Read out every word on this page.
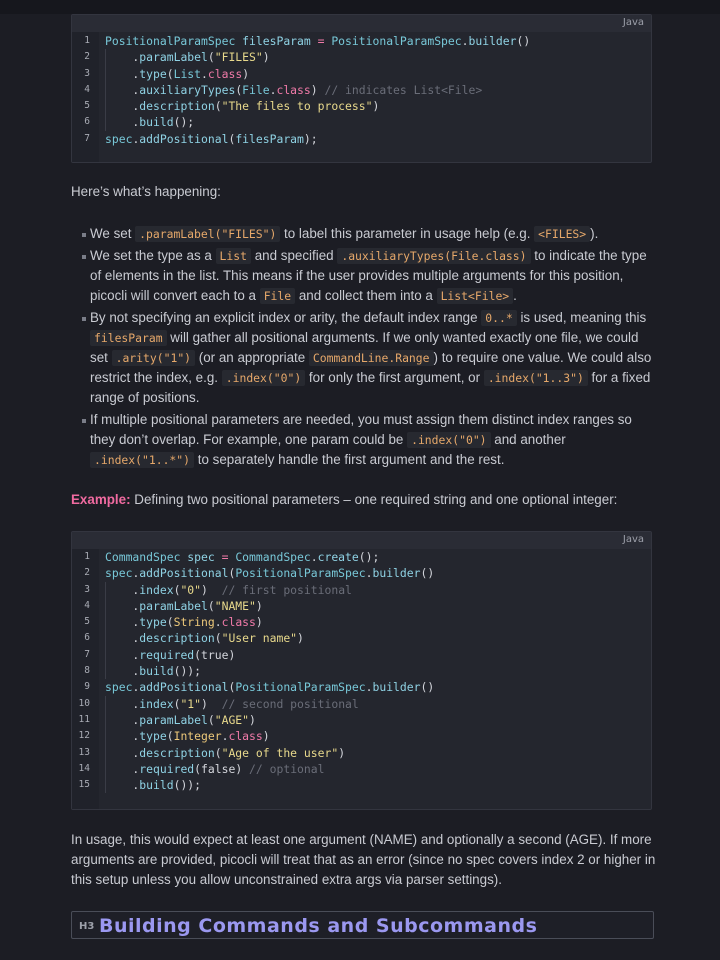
Java
1 PositionalParamSpec filesParam = PositionalParamSpec.builder()
2 .paramLabel("FILES")
3 .type(List.class)
4 .auxiliaryTypes(File.class) // indicates List<File>
5 .description("The files to process")
6 .build();
7 spec.addPositional(filesParam);

Here’s what’s happening:

We set .paramLabel("FILES") to label this parameter in usage help (e.g. <FILES> ).
We set the type as a List and specified .auxiliaryTypes(File.class) to indicate the type of elements in the list. This means if the user provides multiple arguments for this position, picocli will convert each to a File and collect them into a List<File> .
By not specifying an explicit index or arity, the default index range 0..* is used, meaning this filesParam will gather all positional arguments. If we only wanted exactly one file, we could set .arity("1") (or an appropriate CommandLine.Range ) to require one value. We could also restrict the index, e.g. .index("0") for only the first argument, or .index("1..3") for a fixed range of positions.
If multiple positional parameters are needed, you must assign them distinct index ranges so they don’t overlap. For example, one param could be .index("0") and another .index("1..*") to separately handle the first argument and the rest.

Example: Defining two positional parameters – one required string and one optional integer:

Java
1 CommandSpec spec = CommandSpec.create();
2 spec.addPositional(PositionalParamSpec.builder()
3 .index("0")  // first positional
4 .paramLabel("NAME")
5 .type(String.class)
6 .description("User name")
7 .required(true)
8 .build());
9 spec.addPositional(PositionalParamSpec.builder()
10 .index("1")  // second positional
11 .paramLabel("AGE")
12 .type(Integer.class)
13 .description("Age of the user")
14 .required(false) // optional
15 .build());

In usage, this would expect at least one argument (NAME) and optionally a second (AGE). If more arguments are provided, picocli will treat that as an error (since no spec covers index 2 or higher in this setup unless you allow unconstrained extra args via parser settings).

H3 Building Commands and Subcommands
